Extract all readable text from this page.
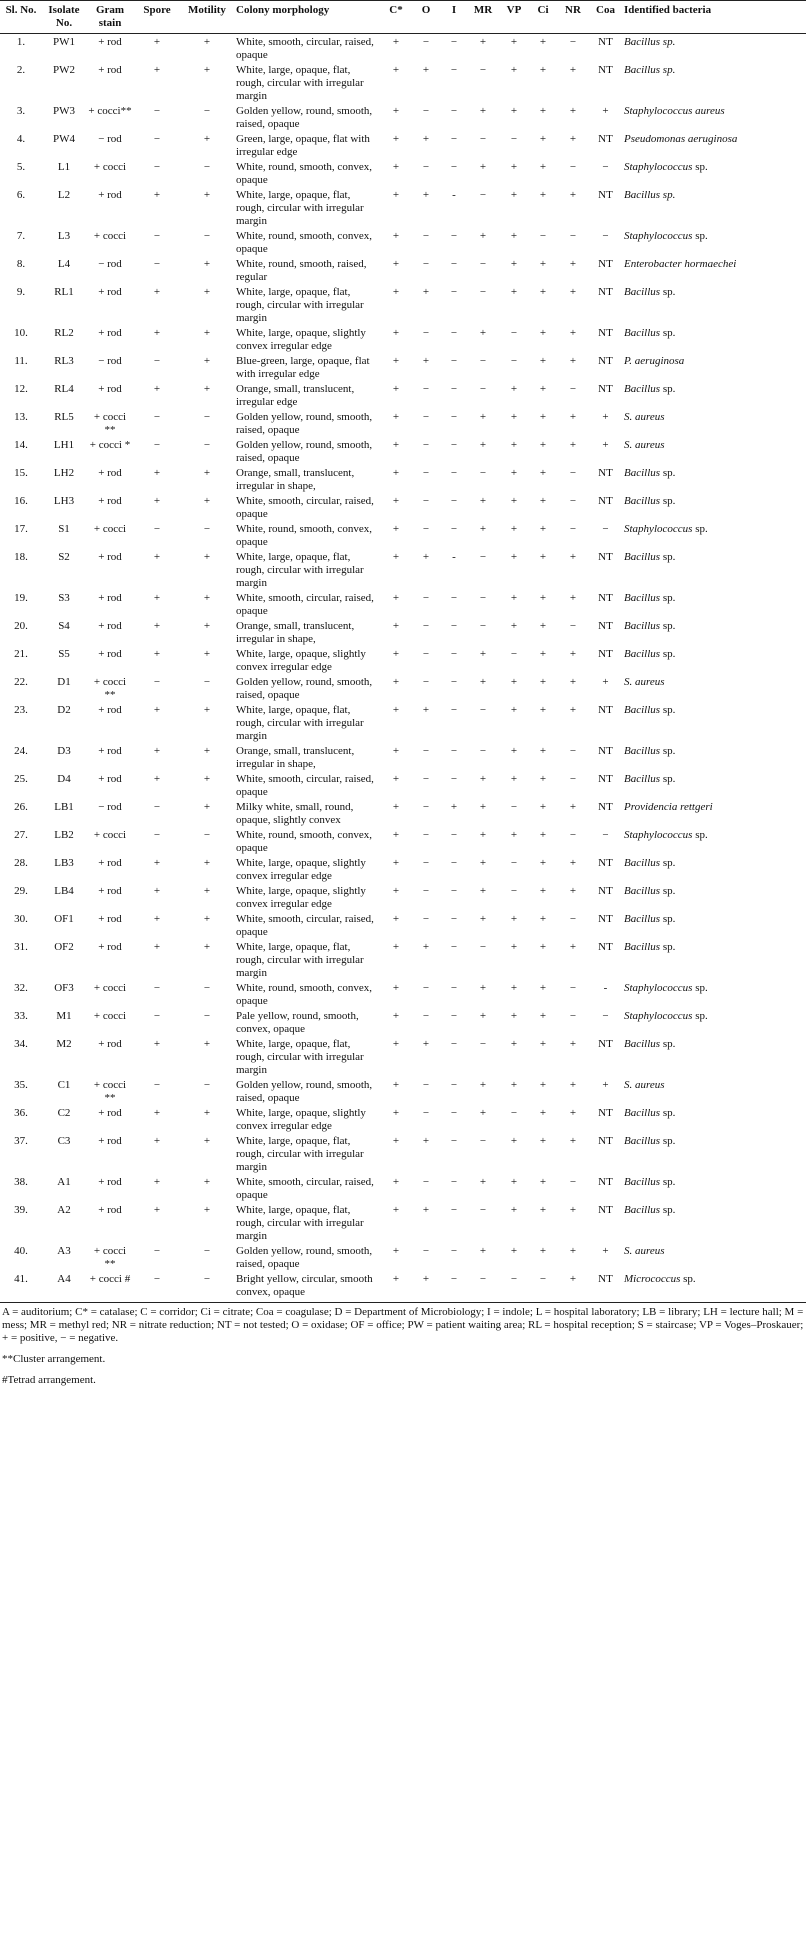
Sl. No.	Isolate No.	Gram stain	Spore	Motility	Colony morphology	C*	O	I	MR	VP	Ci	NR	Coa	Identified bacteria
1.	PW1	+ rod	+	+	White, smooth, circular, raised, opaque	+	−	−	+	+	+	−	NT	Bacillus sp.
2.	PW2	+ rod	+	+	White, large, opaque, flat, rough, circular with irregular margin	+	+	−	−	+	+	+	NT	Bacillus sp.
3.	PW3	+ cocci**	−	−	Golden yellow, round, smooth, raised, opaque	+	−	−	+	+	+	+	+	Staphylococcus aureus
4.	PW4	− rod	−	+	Green, large, opaque, flat with irregular edge	+	+	−	−	−	+	+	NT	Pseudomonas aeruginosa
5.	L1	+ cocci	−	−	White, round, smooth, convex, opaque	+	−	−	+	+	+	−	−	Staphylococcus sp.
6.	L2	+ rod	+	+	White, large, opaque, flat, rough, circular with irregular margin	+	+	-	−	+	+	+	NT	Bacillus sp.
7.	L3	+ cocci	−	−	White, round, smooth, convex, opaque	+	−	−	+	+	−	−	−	Staphylococcus sp.
8.	L4	− rod	−	+	White, round, smooth, raised, regular	+	−	−	−	+	+	+	NT	Enterobacter hormaechei
9.	RL1	+ rod	+	+	White, large, opaque, flat, rough, circular with irregular margin	+	+	−	−	+	+	+	NT	Bacillus sp.
10.	RL2	+ rod	+	+	White, large, opaque, slightly convex irregular edge	+	−	−	+	−	+	+	NT	Bacillus sp.
11.	RL3	− rod	−	+	Blue-green, large, opaque, flat with irregular edge	+	+	−	−	−	+	+	NT	P. aeruginosa
12.	RL4	+ rod	+	+	Orange, small, translucent, irregular edge	+	−	−	−	+	+	−	NT	Bacillus sp.
13.	RL5	+ cocci **	−	−	Golden yellow, round, smooth, raised, opaque	+	−	−	+	+	+	+	+	S. aureus
14.	LH1	+ cocci *	−	−	Golden yellow, round, smooth, raised, opaque	+	−	−	+	+	+	+	+	S. aureus
15.	LH2	+ rod	+	+	Orange, small, translucent, irregular in shape,	+	−	−	−	+	+	−	NT	Bacillus sp.
16.	LH3	+ rod	+	+	White, smooth, circular, raised, opaque	+	−	−	+	+	+	−	NT	Bacillus sp.
17.	S1	+ cocci	−	−	White, round, smooth, convex, opaque	+	−	−	+	+	+	−	−	Staphylococcus sp.
18.	S2	+ rod	+	+	White, large, opaque, flat, rough, circular with irregular margin	+	+	-	−	+	+	+	NT	Bacillus sp.
19.	S3	+ rod	+	+	White, smooth, circular, raised, opaque	+	−	−	−	+	+	+	NT	Bacillus sp.
20.	S4	+ rod	+	+	Orange, small, translucent, irregular in shape,	+	−	−	−	+	+	−	NT	Bacillus sp.
21.	S5	+ rod	+	+	White, large, opaque, slightly convex irregular edge	+	−	−	+	−	+	+	NT	Bacillus sp.
22.	D1	+ cocci **	−	−	Golden yellow, round, smooth, raised, opaque	+	−	−	+	+	+	+	+	S. aureus
23.	D2	+ rod	+	+	White, large, opaque, flat, rough, circular with irregular margin	+	+	−	−	+	+	+	NT	Bacillus sp.
24.	D3	+ rod	+	+	Orange, small, translucent, irregular in shape,	+	−	−	−	+	+	−	NT	Bacillus sp.
25.	D4	+ rod	+	+	White, smooth, circular, raised, opaque	+	−	−	+	+	+	−	NT	Bacillus sp.
26.	LB1	− rod	−	+	Milky white, small, round, opaque, slightly convex	+	−	+	+	−	+	+	NT	Providencia rettgeri
27.	LB2	+ cocci	−	−	White, round, smooth, convex, opaque	+	−	−	+	+	+	−	−	Staphylococcus sp.
28.	LB3	+ rod	+	+	White, large, opaque, slightly convex irregular edge	+	−	−	+	−	+	+	NT	Bacillus sp.
29.	LB4	+ rod	+	+	White, large, opaque, slightly convex irregular edge	+	−	−	+	−	+	+	NT	Bacillus sp.
30.	OF1	+ rod	+	+	White, smooth, circular, raised, opaque	+	−	−	+	+	+	−	NT	Bacillus sp.
31.	OF2	+ rod	+	+	White, large, opaque, flat, rough, circular with irregular margin	+	+	−	−	+	+	+	NT	Bacillus sp.
32.	OF3	+ cocci	−	−	White, round, smooth, convex, opaque	+	−	−	+	+	+	−	-	Staphylococcus sp.
33.	M1	+ cocci	−	−	Pale yellow, round, smooth, convex, opaque	+	−	−	+	+	+	−	−	Staphylococcus sp.
34.	M2	+ rod	+	+	White, large, opaque, flat, rough, circular with irregular margin	+	+	−	−	+	+	+	NT	Bacillus sp.
35.	C1	+ cocci **	−	−	Golden yellow, round, smooth, raised, opaque	+	−	−	+	+	+	+	+	S. aureus
36.	C2	+ rod	+	+	White, large, opaque, slightly convex irregular edge	+	−	−	+	−	+	+	NT	Bacillus sp.
37.	C3	+ rod	+	+	White, large, opaque, flat, rough, circular with irregular margin	+	+	−	−	+	+	+	NT	Bacillus sp.
38.	A1	+ rod	+	+	White, smooth, circular, raised, opaque	+	−	−	+	+	+	−	NT	Bacillus sp.
39.	A2	+ rod	+	+	White, large, opaque, flat, rough, circular with irregular margin	+	+	−	−	+	+	+	NT	Bacillus sp.
40.	A3	+ cocci **	−	−	Golden yellow, round, smooth, raised, opaque	+	−	−	+	+	+	+	+	S. aureus
41.	A4	+ cocci #	−	−	Bright yellow, circular, smooth convex, opaque	+	+	−	−	−	−	+	NT	Micrococcus sp.

A = auditorium; C* = catalase; C = corridor; Ci = citrate; Coa = coagulase; D = Department of Microbiology; I = indole; L = hospital laboratory; LB = library; LH = lecture hall; M = mess; MR = methyl red; NR = nitrate reduction; NT = not tested; O = oxidase; OF = office; PW = patient waiting area; RL = hospital reception; S = staircase; VP = Voges–Proskauer; + = positive, − = negative.

**Cluster arrangement.

#Tetrad arrangement.
